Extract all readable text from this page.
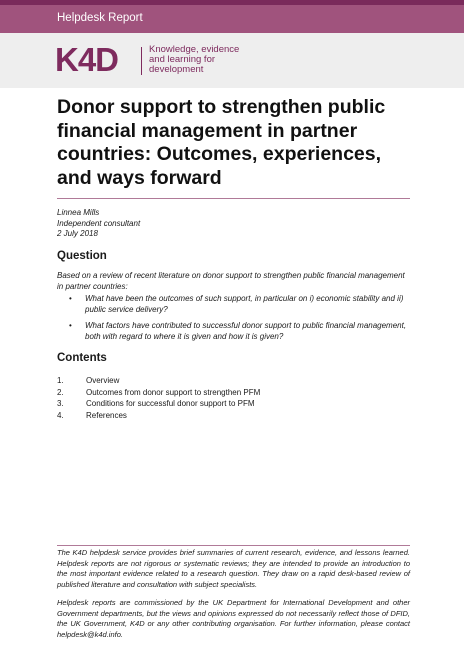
Helpdesk Report
K4D	Knowledge, evidence
and learning for
development
Donor support to strengthen public financial management in partner countries: Outcomes, experiences, and ways forward
Linnea Mills
Independent consultant
2 July 2018
Question
Based on a review of recent literature on donor support to strengthen public financial management in partner countries:
• What have been the outcomes of such support, in particular on i) economic stability and ii) public service delivery?
• What factors have contributed to successful donor support to public financial management, both with regard to where it is given and how it is given?
Contents
1.	Overview
2.	Outcomes from donor support to strengthen PFM
3.	Conditions for successful donor support to PFM
4.	References
The K4D helpdesk service provides brief summaries of current research, evidence, and lessons learned. Helpdesk reports are not rigorous or systematic reviews; they are intended to provide an introduction to the most important evidence related to a research question. They draw on a rapid desk-based review of published literature and consultation with subject specialists.
Helpdesk reports are commissioned by the UK Department for International Development and other Government departments, but the views and opinions expressed do not necessarily reflect those of DFID, the UK Government, K4D or any other contributing organisation. For further information, please contact helpdesk@k4d.info.
